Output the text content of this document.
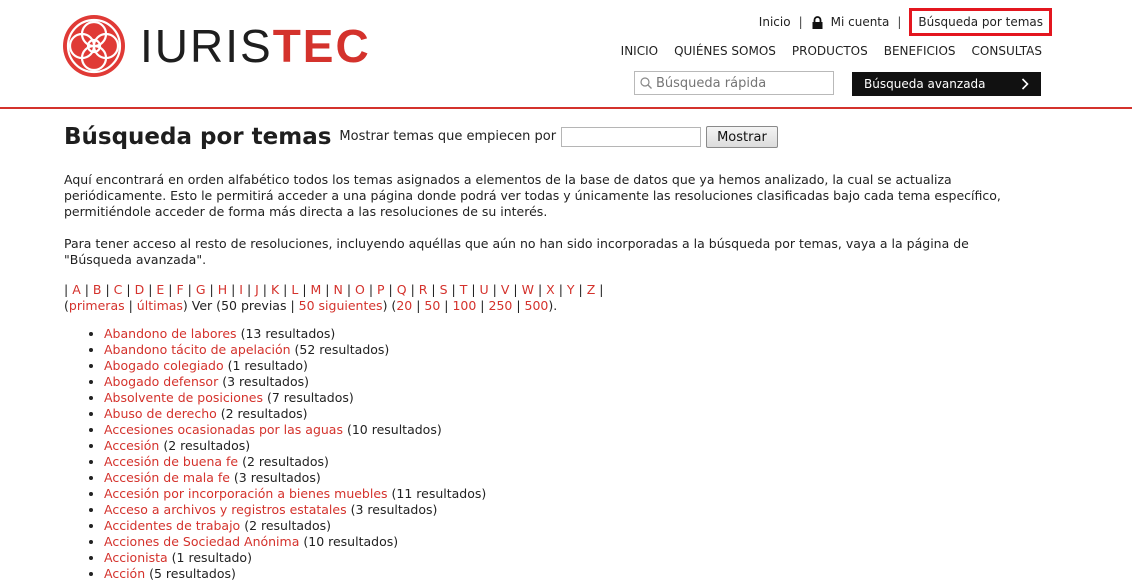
IURISTEC	Inicio | Mi cuenta |	Búsqueda por temas
INICIO QUIÉNES SOMOS PRODUCTOS BENEFICIOS CONSULTAS
Búsqueda rápida
Búsqueda avanzada
Búsqueda por temas Mostrar temas que empiecen por	Mostrar

Aquí encontrará en orden alfabético todos los temas asignados a elementos de la base de datos que ya hemos analizado, la cual se actualiza periódicamente. Esto le permitirá acceder a una página donde podrá ver todas y únicamente las resoluciones clasificadas bajo cada tema específico, permitiéndole acceder de forma más directa a las resoluciones de su interés.

Para tener acceso al resto de resoluciones, incluyendo aquéllas que aún no han sido incorporadas a la búsqueda por temas, vaya a la página de "Búsqueda avanzada".

| A | B | C | D | E | F | G | H | I | J | K | L | M | N | O | P | Q | R | S | T | U | V | W | X | Y | Z |
(primeras | últimas) Ver (50 previas | 50 siguientes) (20 | 50 | 100 | 250 | 500).
• Abandono de labores (13 resultados)
• Abandono tácito de apelación (52 resultados)
• Abogado colegiado (1 resultado)
• Abogado defensor (3 resultados)
• Absolvente de posiciones (7 resultados)
• Abuso de derecho (2 resultados)
• Accesiones ocasionadas por las aguas (10 resultados)
• Accesión (2 resultados)
• Accesión de buena fe (2 resultados)
• Accesión de mala fe (3 resultados)
• Accesión por incorporación a bienes muebles (11 resultados)
• Acceso a archivos y registros estatales (3 resultados)
• Accidentes de trabajo (2 resultados)
• Acciones de Sociedad Anónima (10 resultados)
• Accionista (1 resultado)
• Acción (5 resultados)
